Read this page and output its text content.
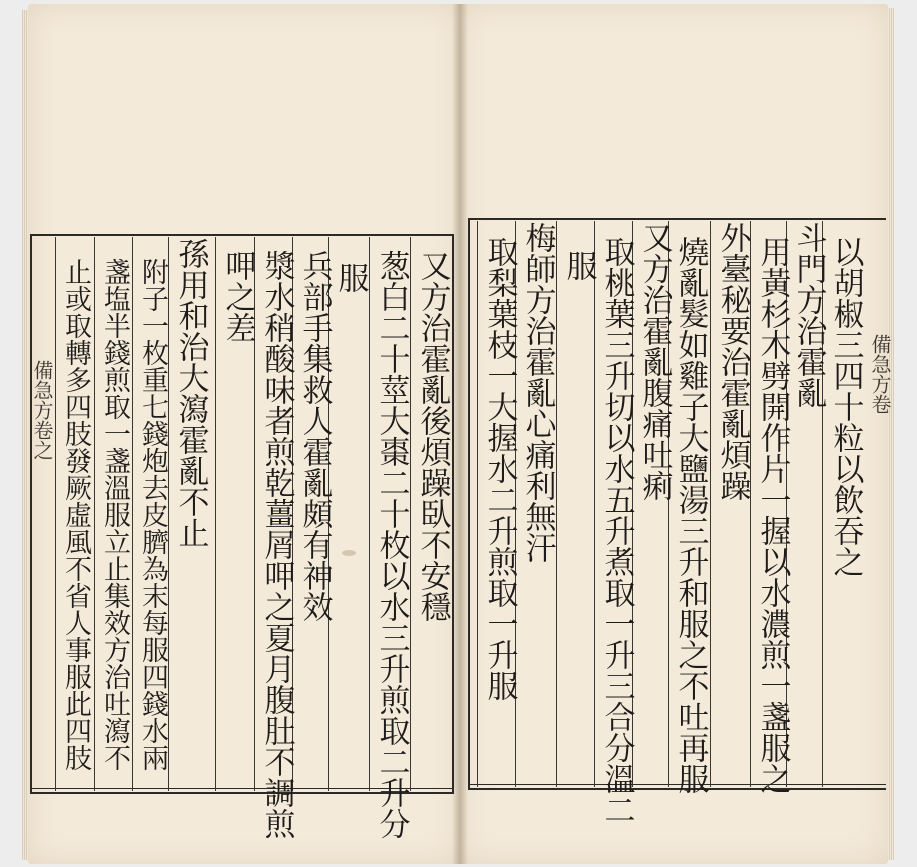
備急方卷之	備急方卷
又方治霍亂後煩躁臥不安穩
葱白二十莖大棗二十枚以水三升煎取二升分
服
兵部手集救人霍亂頗有神效
漿水稍酸味者煎乾薑屑呷之夏月腹肚不調煎
呷之差
孫用和治大瀉霍亂不止
附子一枚重七錢炮去皮臍為末每服四錢水兩
盞塩半錢煎取一盞溫服立止集效方治吐瀉不
止或取轉多四肢發厥虛風不省人事服此四肢	以胡椒三四十粒以飲吞之
斗門方治霍亂
用黃杉木劈開作片一握以水濃煎一盞服之
外臺秘要治霍亂煩躁
燒亂髮如雞子大鹽湯三升和服之不吐再服
又方治霍亂腹痛吐痢
取桃葉三升切以水五升煮取一升三合分溫二
服
梅師方治霍亂心痛利無汗
取梨葉枝一大握水二升煎取一升服
